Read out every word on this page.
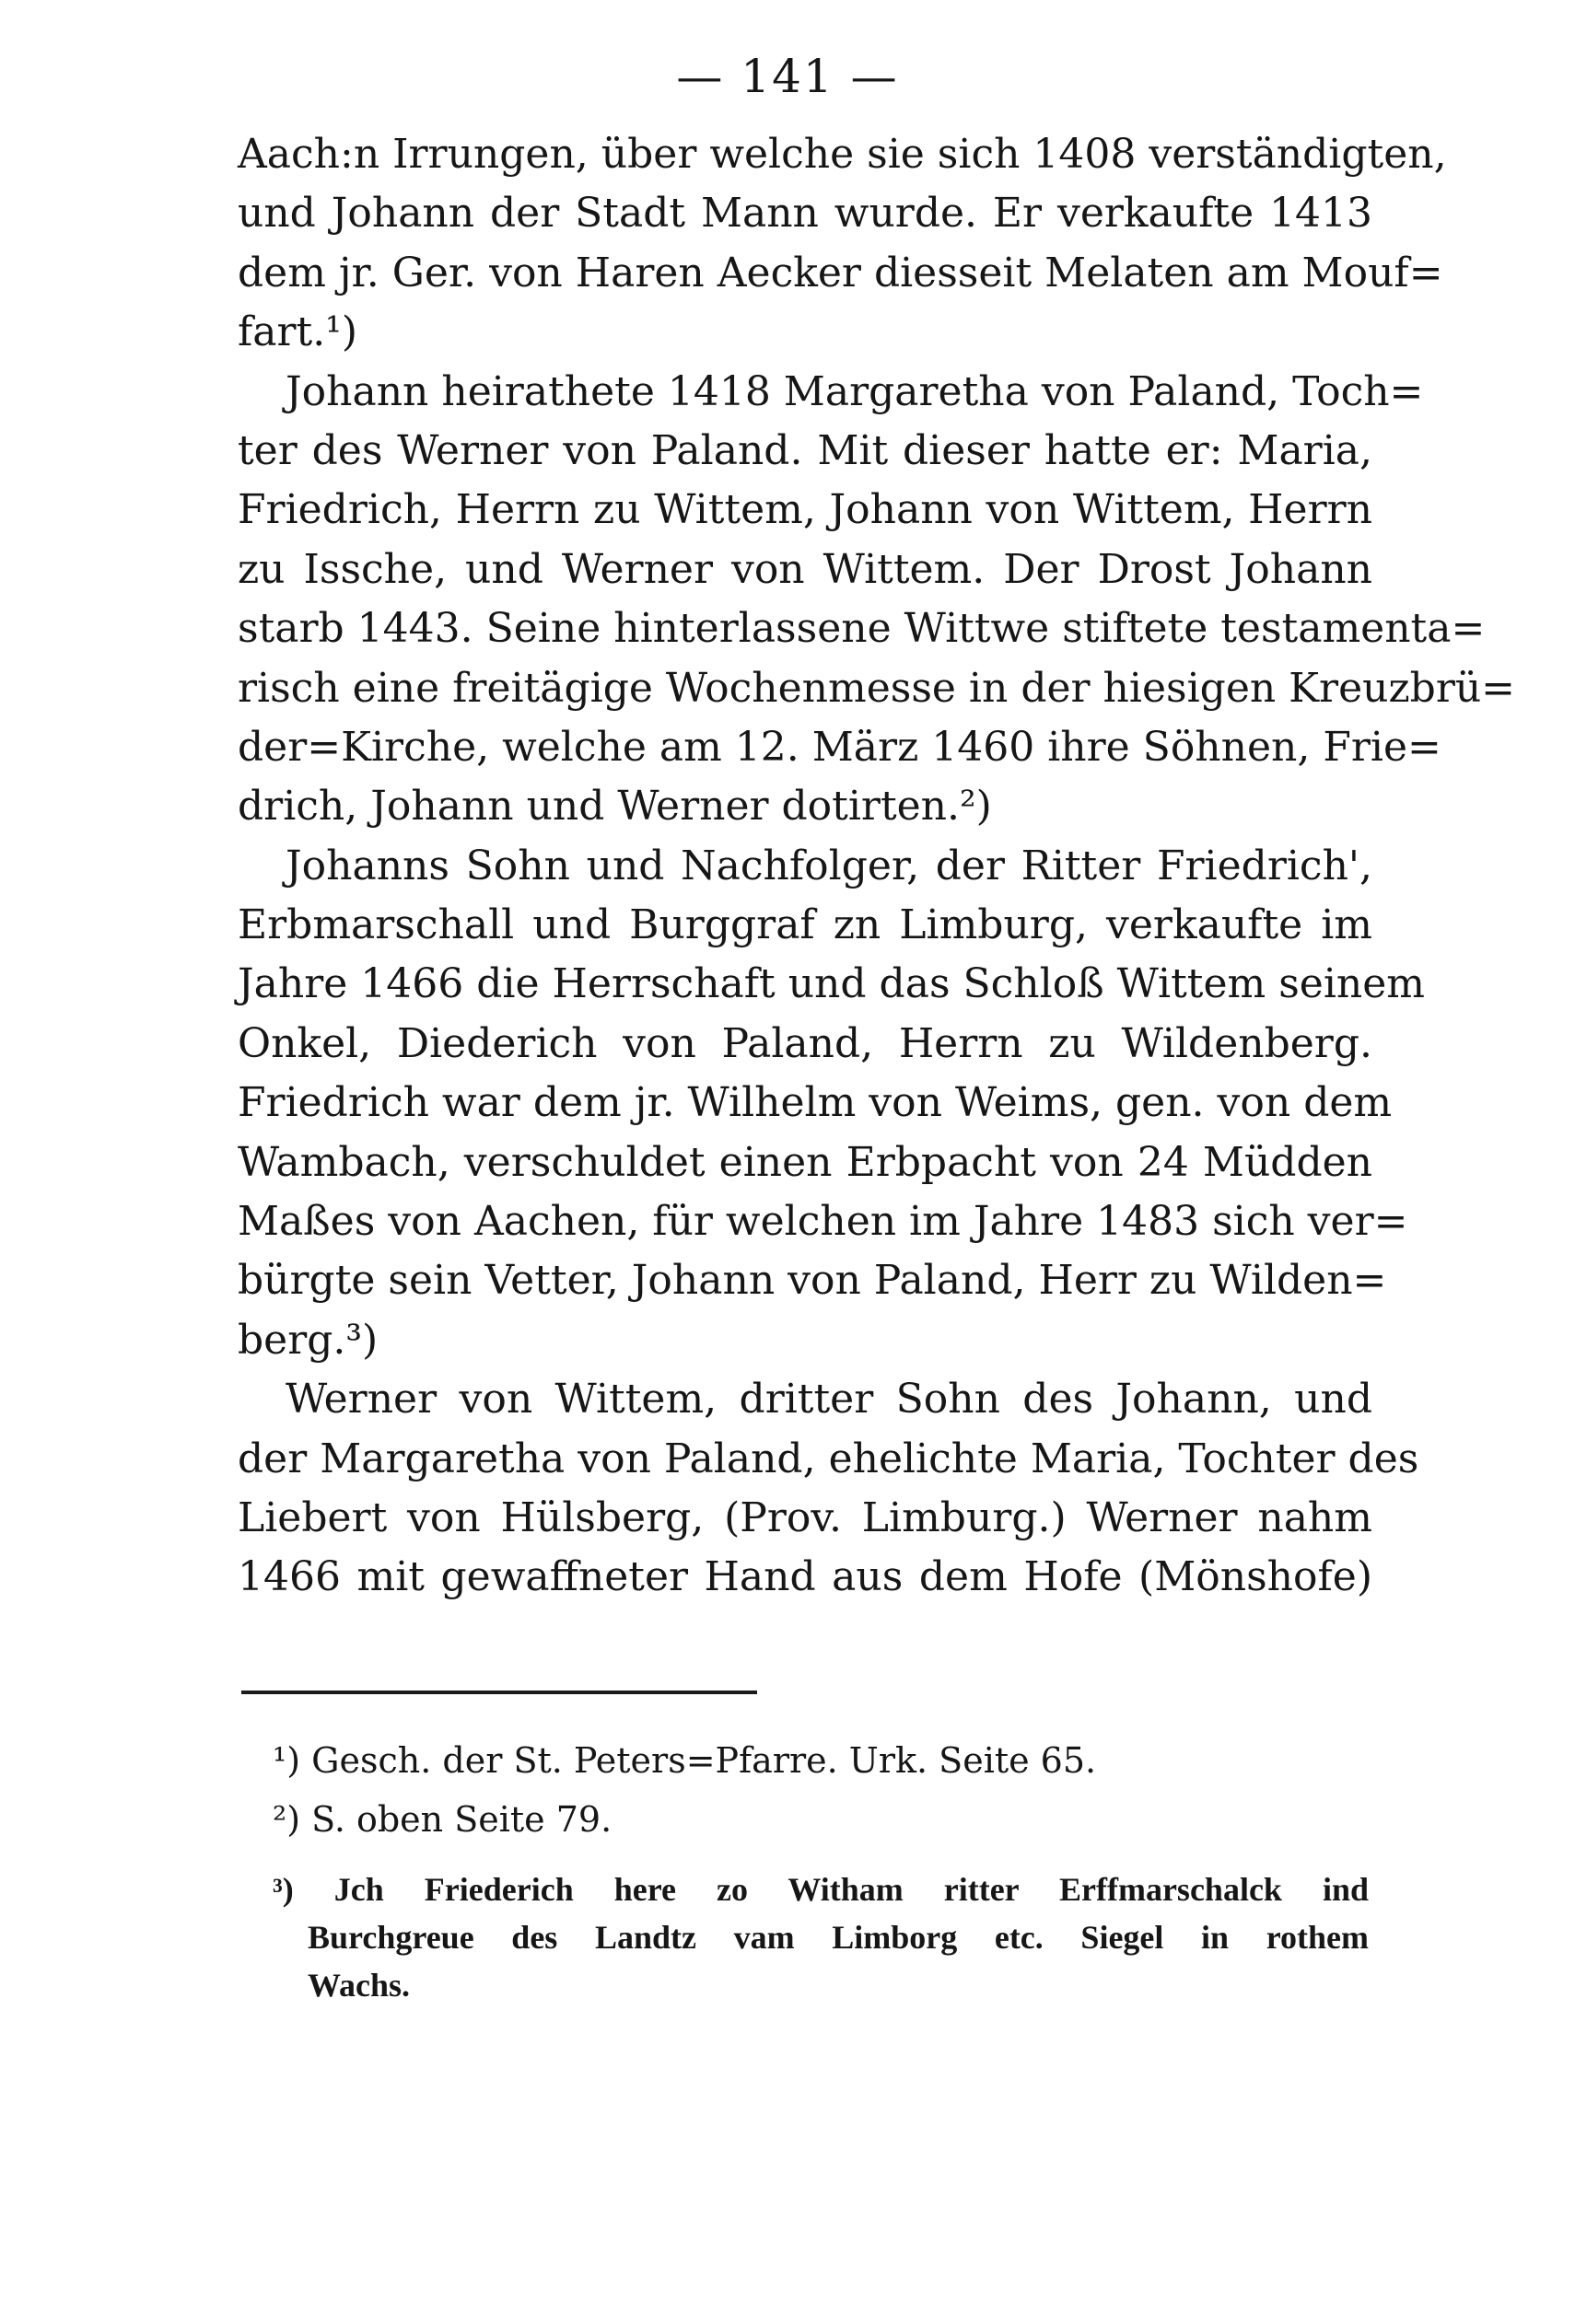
— 141 —
Aach:n Irrungen, über welche sie sich 1408 verständigten,
und Johann der Stadt Mann wurde. Er verkaufte 1413
dem jr. Ger. von Haren Aecker diesseit Melaten am Mouf=
fart.¹)
Johann heirathete 1418 Margaretha von Paland, Toch=
ter des Werner von Paland. Mit dieser hatte er: Maria,
Friedrich, Herrn zu Wittem, Johann von Wittem, Herrn
zu Issche, und Werner von Wittem. Der Drost Johann
starb 1443. Seine hinterlassene Wittwe stiftete testamenta=
risch eine freitägige Wochenmesse in der hiesigen Kreuzbrü=
der=Kirche, welche am 12. März 1460 ihre Söhnen, Frie=
drich, Johann und Werner dotirten.²)
Johanns Sohn und Nachfolger, der Ritter Friedrich',
Erbmarschall und Burggraf zn Limburg, verkaufte im
Jahre 1466 die Herrschaft und das Schloß Wittem seinem
Onkel, Diederich von Paland, Herrn zu Wildenberg.
Friedrich war dem jr. Wilhelm von Weims, gen. von dem
Wambach, verschuldet einen Erbpacht von 24 Müdden
Maßes von Aachen, für welchen im Jahre 1483 sich ver=
bürgte sein Vetter, Johann von Paland, Herr zu Wilden=
berg.³)
Werner von Wittem, dritter Sohn des Johann, und
der Margaretha von Paland, ehelichte Maria, Tochter des
Liebert von Hülsberg, (Prov. Limburg.) Werner nahm
1466 mit gewaffneter Hand aus dem Hofe (Mönshofe)
¹) Gesch. der St. Peters=Pfarre. Urk. Seite 65.
²) S. oben Seite 79.
³) Jch Friederich here zo Witham ritter Erffmarschalck ind
Burchgreue des Landtz vam Limborg etc. Siegel in rothem
Wachs.
